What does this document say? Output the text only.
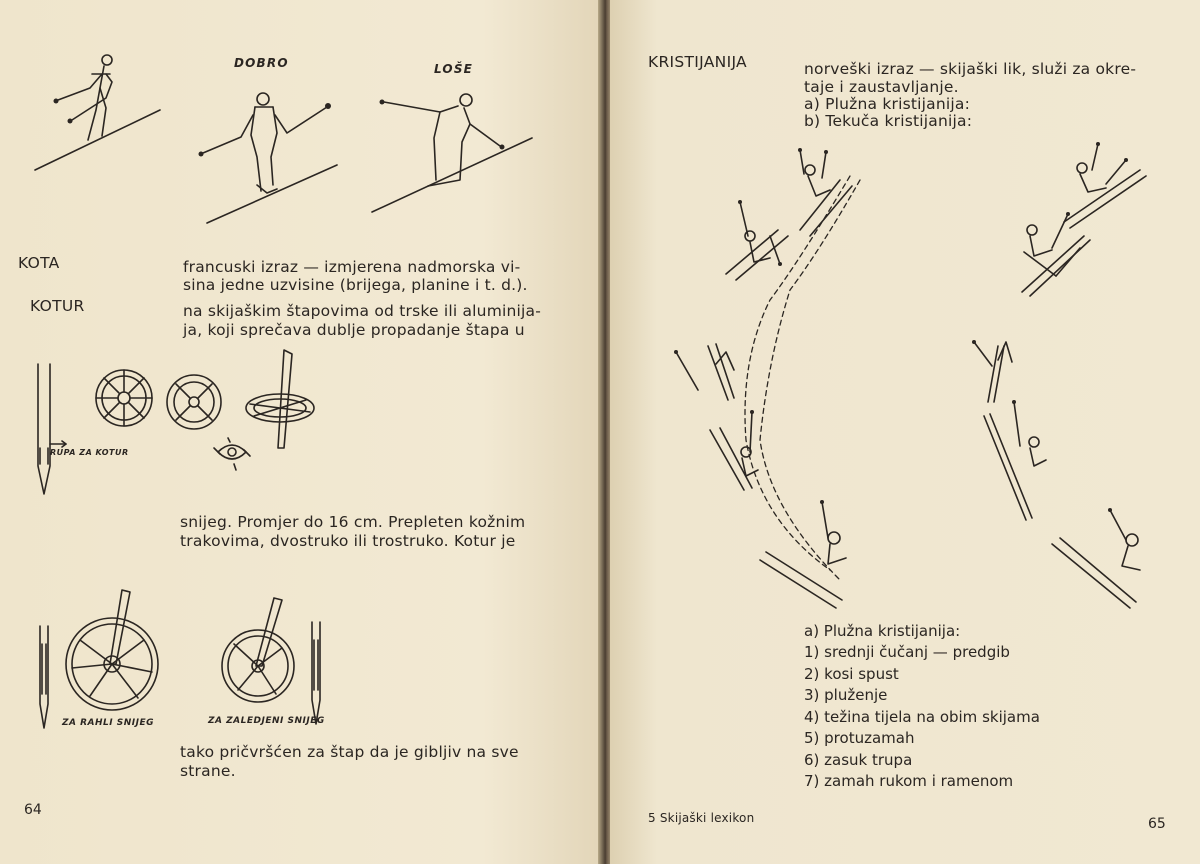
DOBRO	LOŠE
KOTA	francuski izraz — izmjerena nadmorska vi-
sina jedne uzvisine (brijega, planine i t. d.).
KOTUR	na skijaškim štapovima od trske ili aluminija-
ja, koji sprečava dublje propadanje štapa u
RUPA ZA KOTUR
snijeg. Promjer do 16 cm. Prepleten kožnim
trakovima, dvostruko ili trostruko. Kotur je
ZA RAHLI SNIJEG	ZA ZALEDJENI SNIJEG
tako pričvršćen za štap da je gibljiv na sve
strane.
64
KRISTIJANIJA	norveški izraz — skijaški lik, služi za okre-
taje i zaustavljanje.
a) Plužna kristijanija:
b) Tekuča kristijanija:
a) Plužna kristijanija:
1) srednji čučanj — predgib
2) kosi spust
3) pluženje
4) težina tijela na obim skijama
5) protuzamah
6) zasuk trupa
7) zamah rukom i ramenom
5 Skijaški lexikon	65
